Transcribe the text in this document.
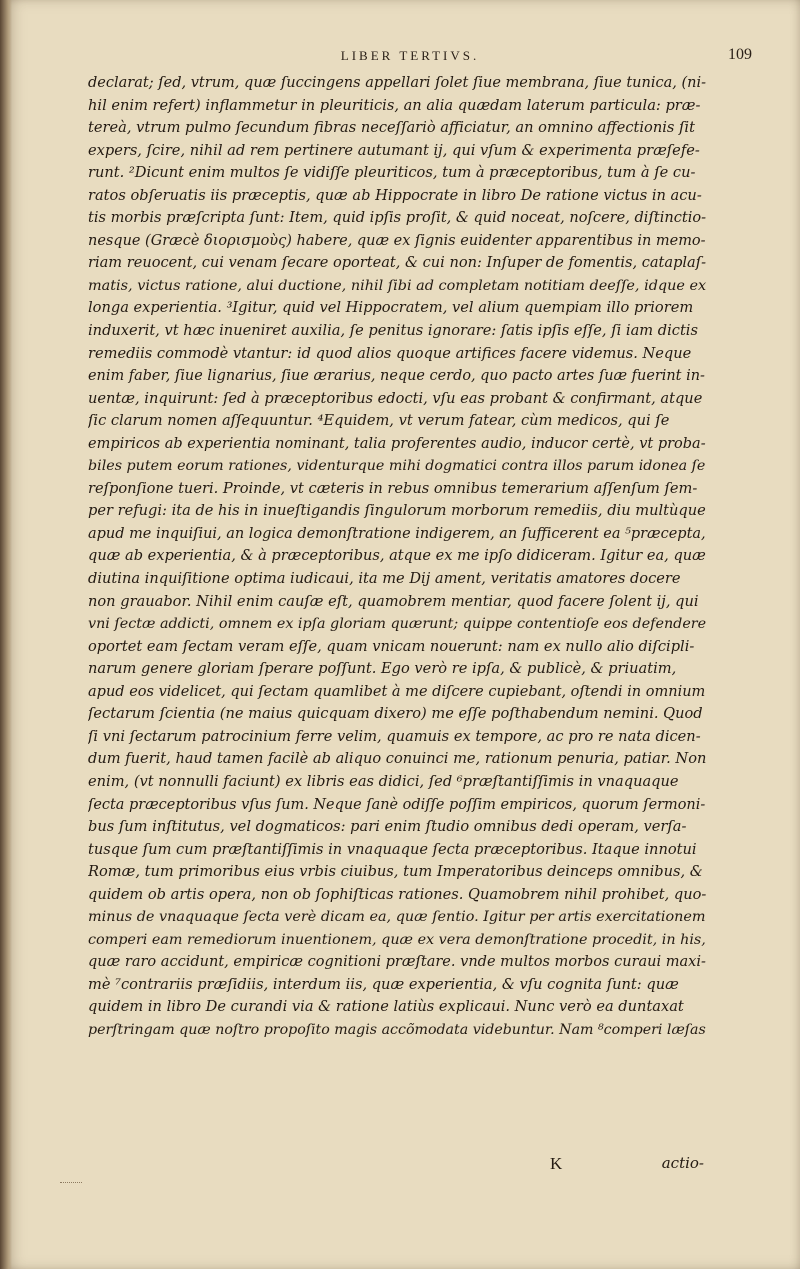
LIBER TERTIVS.	109
declarat; ſed, vtrum, quæ ſuccingens appellari ſolet ſiue membrana, ſiue tunica, (ni-
hil enim refert) inflammetur in pleuriticis, an alia quædam laterum particula: præ-
tereà, vtrum pulmo ſecundum fibras neceſſariò afficiatur, an omnino affectionis ſit
expers, ſcire, nihil ad rem pertinere autumant ij, qui vſum & experimenta præſefe-
runt. ²Dicunt enim multos ſe vidiſſe pleuriticos, tum à præceptoribus, tum à ſe cu-
ratos obſeruatis iis præceptis, quæ ab Hippocrate in libro De ratione victus in acu-
tis morbis præſcripta ſunt: Item, quid ipſis proſit, & quid noceat, noſcere, diſtinctio-
nesque (Græcè διορισμοὺς) habere, quæ ex ſignis euidenter apparentibus in memo-
riam reuocent, cui venam ſecare oporteat, & cui non: Inſuper de fomentis, cataplaſ-
matis, victus ratione, alui ductione, nihil ſibi ad completam notitiam deeſſe, idque ex
longa experientia. ³Igitur, quid vel Hippocratem, vel alium quempiam illo priorem
induxerit, vt hæc inueniret auxilia, ſe penitus ignorare: ſatis ipſis eſſe, ſi iam dictis
remediis commodè vtantur: id quod alios quoque artifices facere videmus. Neque
enim faber, ſiue lignarius, ſiue ærarius, neque cerdo, quo pacto artes ſuæ fuerint in-
uentæ, inquirunt: ſed à præceptoribus edocti, vſu eas probant & confirmant, atque
ſic clarum nomen aſſequuntur. ⁴Equidem, vt verum fatear, cùm medicos, qui ſe
empiricos ab experientia nominant, talia proferentes audio, inducor certè, vt proba-
biles putem eorum rationes, videnturque mihi dogmatici contra illos parum idonea ſe
reſponſione tueri. Proinde, vt cæteris in rebus omnibus temerarium aſſenſum ſem-
per refugi: ita de his in inueſtigandis ſingulorum morborum remediis, diu multùque
apud me inquiſiui, an logica demonſtratione indigerem, an ſufficerent ea ⁵præcepta,
quæ ab experientia, & à præceptoribus, atque ex me ipſo didiceram. Igitur ea, quæ
diutina inquiſitione optima iudicaui, ita me Dij ament, veritatis amatores docere
non grauabor. Nihil enim cauſæ eſt, quamobrem mentiar, quod facere ſolent ij, qui
vni ſectæ addicti, omnem ex ipſa gloriam quærunt; quippe contentioſe eos defendere
oportet eam ſectam veram eſſe, quam vnicam nouerunt: nam ex nullo alio diſcipli-
narum genere gloriam ſperare poſſunt. Ego verò re ipſa, & publicè, & priuatim,
apud eos videlicet, qui ſectam quamlibet à me diſcere cupiebant, oſtendi in omnium
ſectarum ſcientia (ne maius quicquam dixero) me eſſe poſthabendum nemini. Quod
ſi vni ſectarum patrocinium ferre velim, quamuis ex tempore, ac pro re nata dicen-
dum fuerit, haud tamen facilè ab aliquo conuinci me, rationum penuria, patiar. Non
enim, (vt nonnulli faciunt) ex libris eas didici, ſed ⁶præſtantiſſimis in vnaquaque
ſecta præceptoribus vſus ſum. Neque ſanè odiſſe poſſim empiricos, quorum ſermoni-
bus ſum inſtitutus, vel dogmaticos: pari enim ſtudio omnibus dedi operam, verſa-
tusque ſum cum præſtantiſſimis in vnaquaque ſecta præceptoribus. Itaque innotui
Romæ, tum primoribus eius vrbis ciuibus, tum Imperatoribus deinceps omnibus, &
quidem ob artis opera, non ob ſophiſticas rationes. Quamobrem nihil prohibet, quo-
minus de vnaquaque ſecta verè dicam ea, quæ ſentio. Igitur per artis exercitationem
comperi eam remediorum inuentionem, quæ ex vera demonſtratione procedit, in his,
quæ raro accidunt, empiricæ cognitioni præſtare. vnde multos morbos curaui maxi-
mè ⁷contrariis præſidiis, interdum iis, quæ experientia, & vſu cognita ſunt: quæ
quidem in libro De curandi via & ratione latiùs explicaui. Nunc verò ea duntaxat
perſtringam quæ noſtro propoſito magis accõmodata videbuntur. Nam ⁸comperi læſas
K	actio-
